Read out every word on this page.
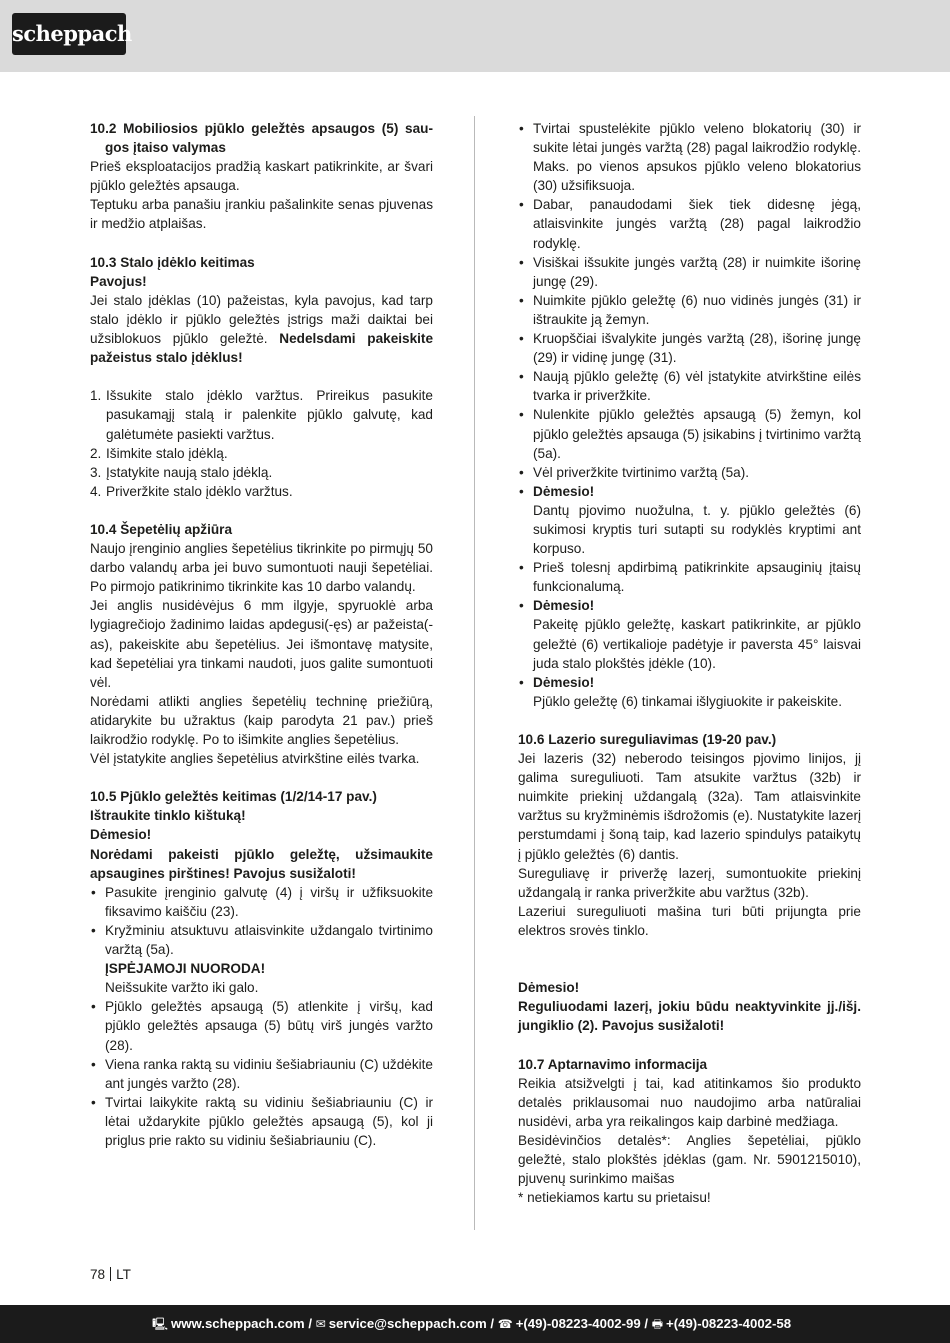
scheppach

10.2 Mobiliosios pjūklo geležtės apsaugos (5) sau- gos įtaiso valymas

Prieš eksploatacijos pradžią kaskart patikrinkite, ar švari pjūklo geležtės apsauga.

Teptuku arba panašiu įrankiu pašalinkite senas pjuvenas ir medžio atplaišas.

10.3 Stalo įdėklo keitimas

Pavojus!

Jei stalo įdėklas (10) pažeistas, kyla pavojus, kad tarp stalo įdėklo ir pjūklo geležtės įstrigs maži daiktai bei užsiblokuos pjūklo geležtė. Nedelsdami pakeiskite pažeistus stalo įdėklus!

1. Išsukite stalo įdėklo varžtus. Prireikus pasukite pasukamąjį stalą ir palenkite pjūklo galvutę, kad galėtumėte pasiekti varžtus.
2. Išimkite stalo įdėklą.
3. Įstatykite naują stalo įdėklą.
4. Priveržkite stalo įdėklo varžtus.

10.4 Šepetėlių apžiūra

Naujo įrenginio anglies šepetėlius tikrinkite po pirmųjų 50 darbo valandų arba jei buvo sumontuoti nauji šepetėliai. Po pirmojo patikrinimo tikrinkite kas 10 darbo valandų.

Jei anglis nusidėvėjus 6 mm ilgyje, spyruoklė arba lygiagrečiojo žadinimo laidas apdegusi(-ęs) ar pažeista(-as), pakeiskite abu šepetėlius. Jei išmontavę matysite, kad šepetėliai yra tinkami naudoti, juos galite sumontuoti vėl.

Norėdami atlikti anglies šepetėlių techninę priežiūrą, atidarykite bu užraktus (kaip parodyta 21 pav.) prieš laikrodžio rodyklę. Po to išimkite anglies šepetėlius.

Vėl įstatykite anglies šepetėlius atvirkštine eilės tvarka.

10.5 Pjūklo geležtės keitimas (1/2/14-17 pav.)

Ištraukite tinklo kištuką!

Dėmesio!

Norėdami pakeisti pjūklo geležtę, užsimaukite apsaugines pirštines! Pavojus susižaloti!

• Pasukite įrenginio galvutę (4) į viršų ir užfiksuokite fiksavimo kaiščiu (23).
• Kryžminiu atsuktuvu atlaisvinkite uždangalo tvirtinimo varžtą (5a).
ĮSPĖJAMOJI NUORODA!
Neišsukite varžto iki galo.
• Pjūklo geležtės apsaugą (5) atlenkite į viršų, kad pjūklo geležtės apsauga (5) būtų virš jungės varžto (28).
• Viena ranka raktą su vidiniu šešiabriauniu (C) uždėkite ant jungės varžto (28).
• Tvirtai laikykite raktą su vidiniu šešiabriauniu (C) ir lėtai uždarykite pjūklo geležtės apsaugą (5), kol ji priglus prie rakto su vidiniu šešiabriauniu (C).
• Tvirtai spustelėkite pjūklo veleno blokatorių (30) ir sukite lėtai jungės varžtą (28) pagal laikrodžio rodyklę. Maks. po vienos apsukos pjūklo veleno blokatorius (30) užsifiksuoja.
• Dabar, panaudodami šiek tiek didesnę jėgą, atlaisvinkite jungės varžtą (28) pagal laikrodžio rodyklę.
• Visiškai išsukite jungės varžtą (28) ir nuimkite išorinę jungę (29).
• Nuimkite pjūklo geležtę (6) nuo vidinės jungės (31) ir ištraukite ją žemyn.
• Kruopščiai išvalykite jungės varžtą (28), išorinę jungę (29) ir vidinę jungę (31).
• Naują pjūklo geležtę (6) vėl įstatykite atvirkštine eilės tvarka ir priveržkite.
• Nulenkite pjūklo geležtės apsaugą (5) žemyn, kol pjūklo geležtės apsauga (5) įsikabins į tvirtinimo varžtą (5a).
• Vėl priveržkite tvirtinimo varžtą (5a).
• Dėmesio!
Dantų pjovimo nuožulna, t. y. pjūklo geležtės (6) sukimosi kryptis turi sutapti su rodyklės kryptimi ant korpuso.
• Prieš tolesnį apdirbimą patikrinkite apsauginių įtaisų funkcionalumą.
• Dėmesio!
Pakeitę pjūklo geležtę, kaskart patikrinkite, ar pjūklo geležtė (6) vertikalioje padėtyje ir paversta 45° laisvai juda stalo plokštės įdėkle (10).
• Dėmesio!
Pjūklo geležtę (6) tinkamai išlygiuokite ir pakeiskite.

10.6 Lazerio sureguliavimas (19-20 pav.)

Jei lazeris (32) neberodo teisingos pjovimo linijos, jį galima sureguliuoti. Tam atsukite varžtus (32b) ir nuimkite priekinį uždangalą (32a). Tam atlaisvinkite varžtus su kryžminėmis išdrožomis (e). Nustatykite lazerį perstumdami į šoną taip, kad lazerio spindulys pataikytų į pjūklo geležtės (6) dantis.

Sureguliavę ir priveržę lazerį, sumontuokite priekinį uždangalą ir ranka priveržkite abu varžtus (32b).

Lazeriui sureguliuoti mašina turi būti prijungta prie elektros srovės tinklo.

Dėmesio!

Reguliuodami lazerį, jokiu būdu neaktyvinkite jj./išj. jungiklio (2). Pavojus susižaloti!

10.7 Aptarnavimo informacija

Reikia atsižvelgti į tai, kad atitinkamos šio produkto detalės priklausomai nuo naudojimo arba natūraliai nusidėvi, arba yra reikalingos kaip darbinė medžiaga.

Besidėvinčios detalės*: Anglies šepetėliai, pjūklo geležtė, stalo plokštės įdėklas (gam. Nr. 5901215010), pjuvenų surinkimo maišas

* netiekiamos kartu su prietaisu!

78 LT
🖳 www.scheppach.com / ✉ service@scheppach.com / ☎ +(49)-08223-4002-99 / 🖶 +(49)-08223-4002-58
